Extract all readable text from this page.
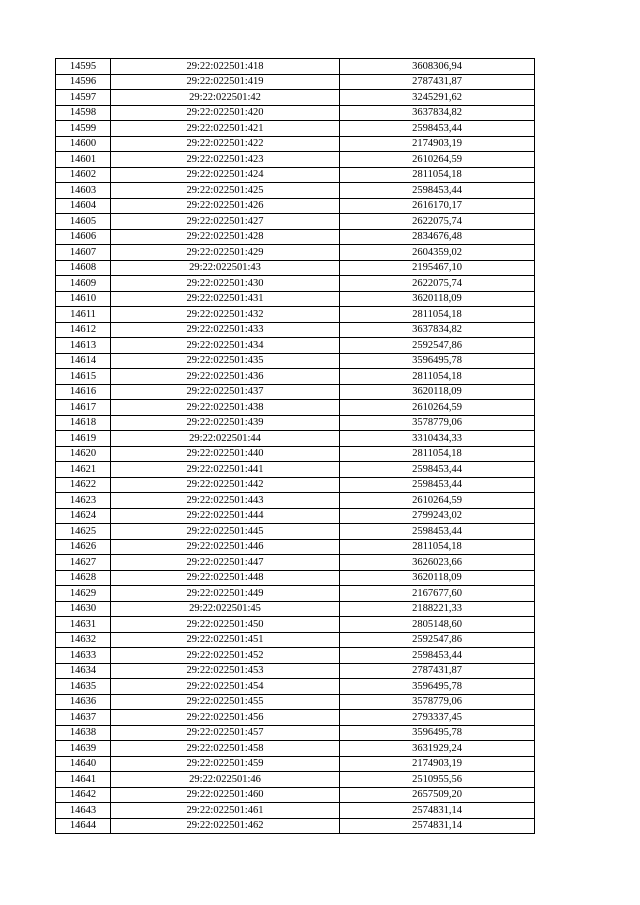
14595	29:22:022501:418	3608306,94
14596	29:22:022501:419	2787431,87
14597	29:22:022501:42	3245291,62
14598	29:22:022501:420	3637834,82
14599	29:22:022501:421	2598453,44
14600	29:22:022501:422	2174903,19
14601	29:22:022501:423	2610264,59
14602	29:22:022501:424	2811054,18
14603	29:22:022501:425	2598453,44
14604	29:22:022501:426	2616170,17
14605	29:22:022501:427	2622075,74
14606	29:22:022501:428	2834676,48
14607	29:22:022501:429	2604359,02
14608	29:22:022501:43	2195467,10
14609	29:22:022501:430	2622075,74
14610	29:22:022501:431	3620118,09
14611	29:22:022501:432	2811054,18
14612	29:22:022501:433	3637834,82
14613	29:22:022501:434	2592547,86
14614	29:22:022501:435	3596495,78
14615	29:22:022501:436	2811054,18
14616	29:22:022501:437	3620118,09
14617	29:22:022501:438	2610264,59
14618	29:22:022501:439	3578779,06
14619	29:22:022501:44	3310434,33
14620	29:22:022501:440	2811054,18
14621	29:22:022501:441	2598453,44
14622	29:22:022501:442	2598453,44
14623	29:22:022501:443	2610264,59
14624	29:22:022501:444	2799243,02
14625	29:22:022501:445	2598453,44
14626	29:22:022501:446	2811054,18
14627	29:22:022501:447	3626023,66
14628	29:22:022501:448	3620118,09
14629	29:22:022501:449	2167677,60
14630	29:22:022501:45	2188221,33
14631	29:22:022501:450	2805148,60
14632	29:22:022501:451	2592547,86
14633	29:22:022501:452	2598453,44
14634	29:22:022501:453	2787431,87
14635	29:22:022501:454	3596495,78
14636	29:22:022501:455	3578779,06
14637	29:22:022501:456	2793337,45
14638	29:22:022501:457	3596495,78
14639	29:22:022501:458	3631929,24
14640	29:22:022501:459	2174903,19
14641	29:22:022501:46	2510955,56
14642	29:22:022501:460	2657509,20
14643	29:22:022501:461	2574831,14
14644	29:22:022501:462	2574831,14
